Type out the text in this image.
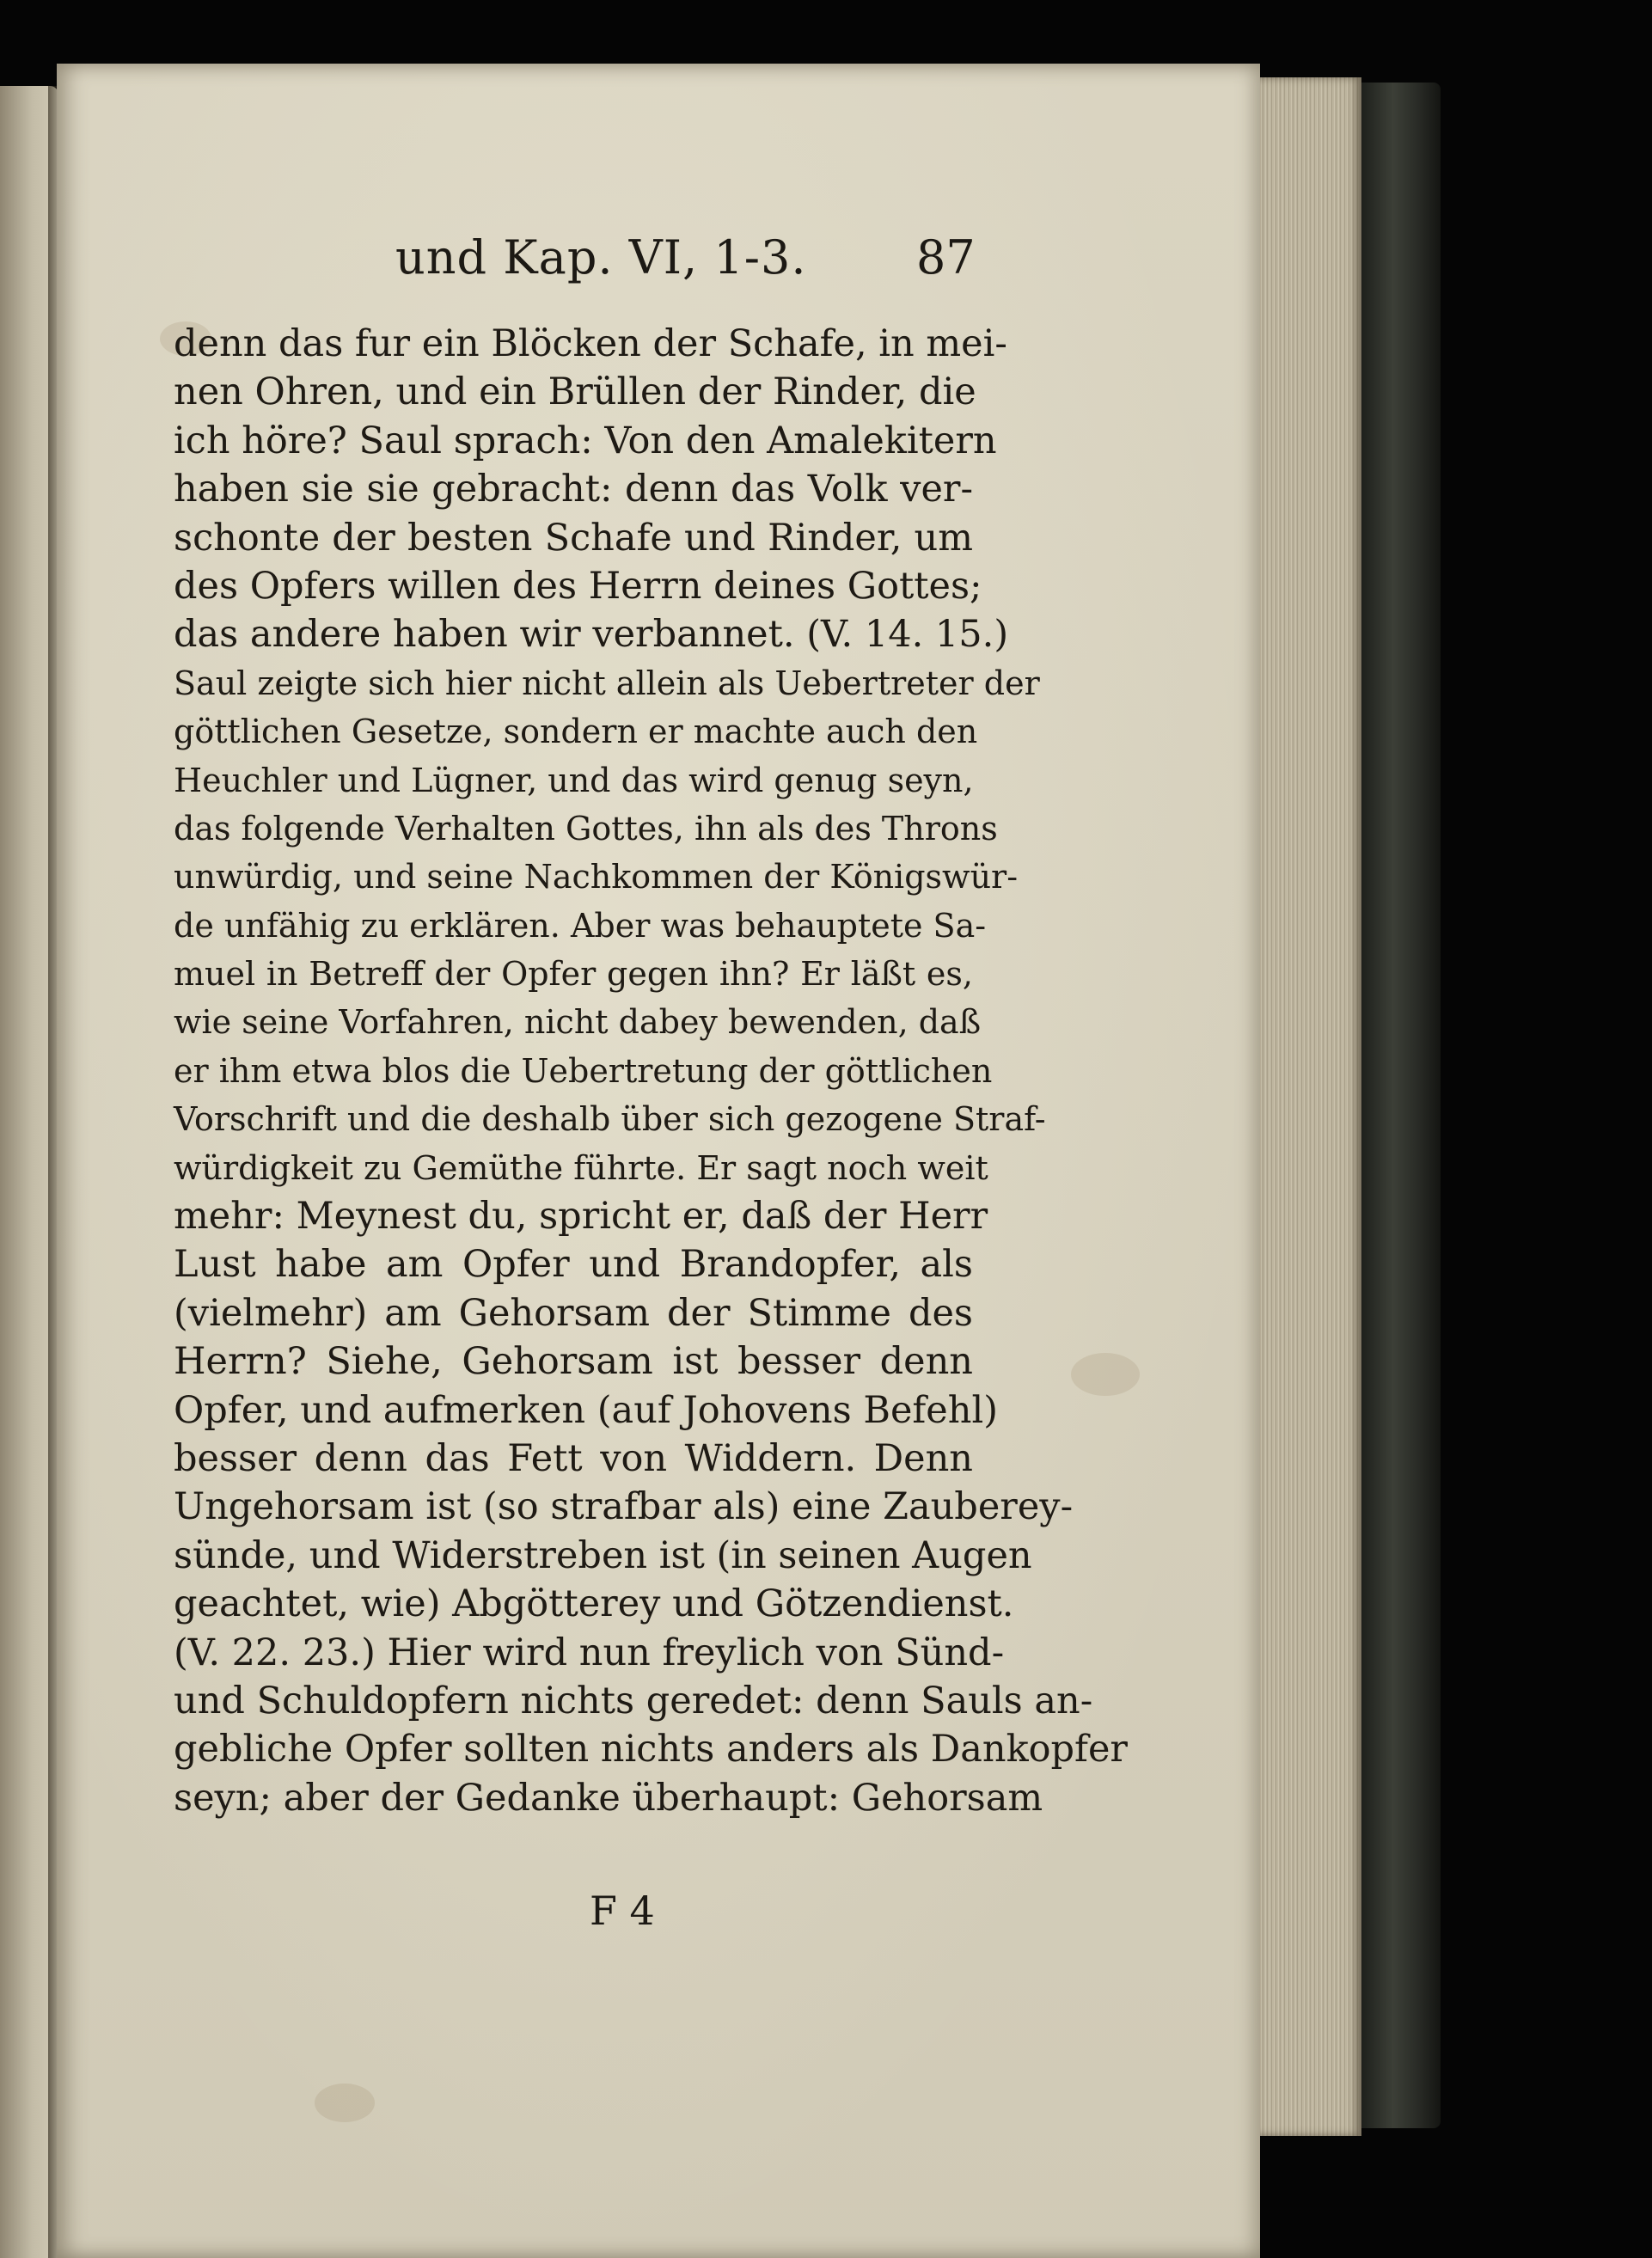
und Kap. VI, 1-3. 87
denn das fur ein Blöcken der Schafe, in mei-
nen Ohren, und ein Brüllen der Rinder, die
ich höre? Saul sprach: Von den Amalekitern
haben sie sie gebracht: denn das Volk ver-
schonte der besten Schafe und Rinder, um
des Opfers willen des Herrn deines Gottes;
das andere haben wir verbannet. (V. 14. 15.)
Saul zeigte sich hier nicht allein als Uebertreter der
göttlichen Gesetze, sondern er machte auch den
Heuchler und Lügner, und das wird genug seyn,
das folgende Verhalten Gottes, ihn als des Throns
unwürdig, und seine Nachkommen der Königswür-
de unfähig zu erklären. Aber was behauptete Sa-
muel in Betreff der Opfer gegen ihn? Er läßt es,
wie seine Vorfahren, nicht dabey bewenden, daß
er ihm etwa blos die Uebertretung der göttlichen
Vorschrift und die deshalb über sich gezogene Straf-
würdigkeit zu Gemüthe führte. Er sagt noch weit
mehr: Meynest du, spricht er, daß der Herr
Lust habe am Opfer und Brandopfer, als
(vielmehr) am Gehorsam der Stimme des
Herrn? Siehe, Gehorsam ist besser denn
Opfer, und aufmerken (auf Johovens Befehl)
besser denn das Fett von Widdern. Denn
Ungehorsam ist (so strafbar als) eine Zauberey-
sünde, und Widerstreben ist (in seinen Augen
geachtet, wie) Abgötterey und Götzendienst.
(V. 22. 23.) Hier wird nun freylich von Sünd-
und Schuldopfern nichts geredet: denn Sauls an-
gebliche Opfer sollten nichts anders als Dankopfer
seyn; aber der Gedanke überhaupt: Gehorsam
F 4
